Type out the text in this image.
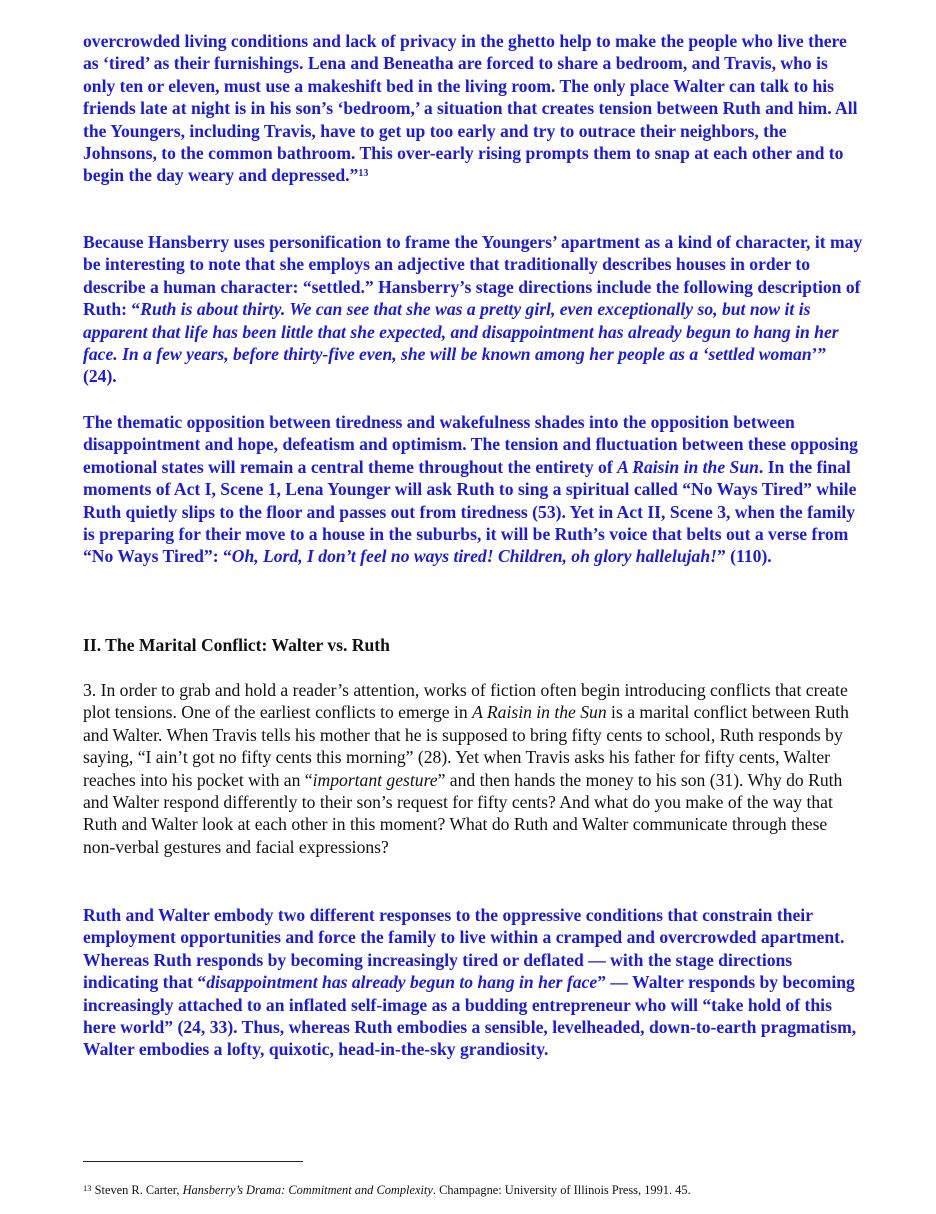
overcrowded living conditions and lack of privacy in the ghetto help to make the people who live there as ‘tired’ as their furnishings. Lena and Beneatha are forced to share a bedroom, and Travis, who is only ten or eleven, must use a makeshift bed in the living room. The only place Walter can talk to his friends late at night is in his son’s ‘bedroom,’ a situation that creates tension between Ruth and him. All the Youngers, including Travis, have to get up too early and try to outrace their neighbors, the Johnsons, to the common bathroom. This over-early rising prompts them to snap at each other and to begin the day weary and depressed.”$^{13}$

Because Hansberry uses personification to frame the Youngers’ apartment as a kind of character, it may be interesting to note that she employs an adjective that traditionally describes houses in order to describe a human character: “settled.” Hansberry’s stage directions include the following description of Ruth: “Ruth is about thirty. We can see that she was a pretty girl, even exceptionally so, but now it is apparent that life has been little that she expected, and disappointment has already begun to hang in her face. In a few years, before thirty-five even, she will be known among her people as a ‘settled woman’” (24).

The thematic opposition between tiredness and wakefulness shades into the opposition between disappointment and hope, defeatism and optimism. The tension and fluctuation between these opposing emotional states will remain a central theme throughout the entirety of A Raisin in the Sun. In the final moments of Act I, Scene 1, Lena Younger will ask Ruth to sing a spiritual called “No Ways Tired” while Ruth quietly slips to the floor and passes out from tiredness (53). Yet in Act II, Scene 3, when the family is preparing for their move to a house in the suburbs, it will be Ruth’s voice that belts out a verse from “No Ways Tired”: “Oh, Lord, I don’t feel no ways tired! Children, oh glory hallelujah!” (110).

II. The Marital Conflict: Walter vs. Ruth

3. In order to grab and hold a reader’s attention, works of fiction often begin introducing conflicts that create plot tensions. One of the earliest conflicts to emerge in A Raisin in the Sun is a marital conflict between Ruth and Walter. When Travis tells his mother that he is supposed to bring fifty cents to school, Ruth responds by saying, “I ain’t got no fifty cents this morning” (28). Yet when Travis asks his father for fifty cents, Walter reaches into his pocket with an “important gesture” and then hands the money to his son (31). Why do Ruth and Walter respond differently to their son’s request for fifty cents? And what do you make of the way that Ruth and Walter look at each other in this moment? What do Ruth and Walter communicate through these non-verbal gestures and facial expressions?

Ruth and Walter embody two different responses to the oppressive conditions that constrain their employment opportunities and force the family to live within a cramped and overcrowded apartment. Whereas Ruth responds by becoming increasingly tired or deflated — with the stage directions indicating that “disappointment has already begun to hang in her face” — Walter responds by becoming increasingly attached to an inflated self-image as a budding entrepreneur who will “take hold of this here world” (24, 33). Thus, whereas Ruth embodies a sensible, levelheaded, down-to-earth pragmatism, Walter embodies a lofty, quixotic, head-in-the-sky grandiosity.

$^{13}$ Steven R. Carter, Hansberry’s Drama: Commitment and Complexity. Champagne: University of Illinois Press, 1991. 45.
